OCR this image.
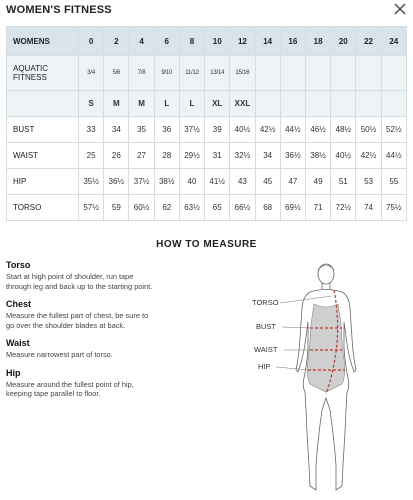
WOMEN'S FITNESS
WOMENS	0	2	4	6	8	10	12	14	16	18	20	22	24
AQUATIC
FITNESS	3/4	5/6	7/8	9/10	11/12	13/14	15/16						
	S	M	M	L	L	XL	XXL						
BUST	33	34	35	36	37½	39	40½	42½	44½	46½	48½	50½	52½
WAIST	25	26	27	28	29½	31	32½	34	36½	38½	40½	42½	44½
HIP	35½	36½	37½	38½	40	41½	43	45	47	49	51	53	55
TORSO	57½	59	60½	62	63½	65	66½	68	69½	71	72½	74	75½
HOW TO MEASURE
Torso

Start at high point of shoulder, run tape through leg and back up to the starting point.

Chest

Measure the fullest part of chest, be sure to go over the shoulder blades at back.

Waist

Measure narrowest part of torso.

Hip

Measure around the fullest point of hip, keeping tape parallel to floor.

TORSO
BUST
WAIST
HIP
